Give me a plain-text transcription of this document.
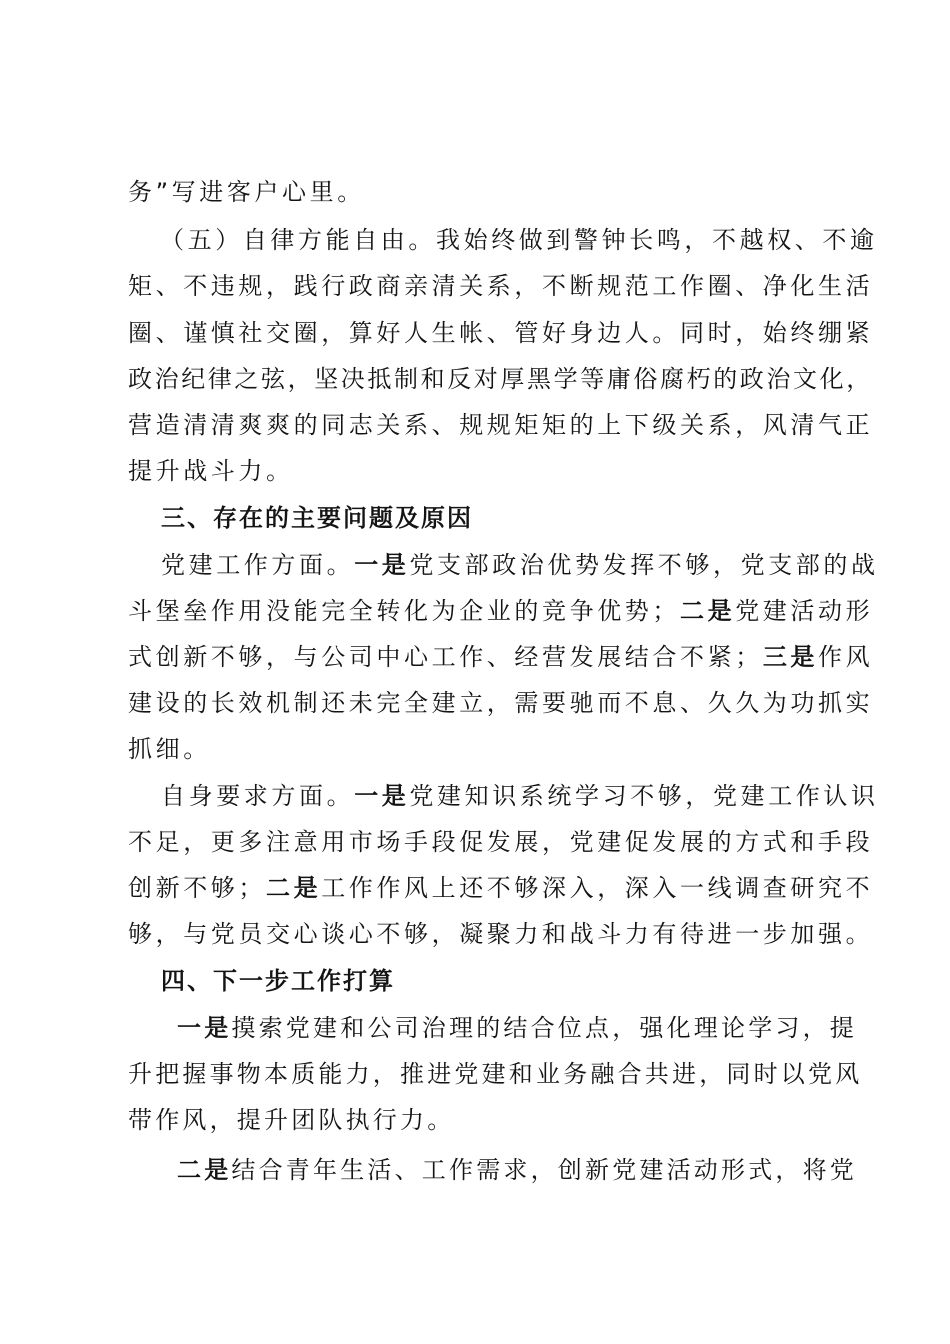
务”写进客户心里。

（五）自律方能自由。我始终做到警钟长鸣，不越权、不逾

矩、不违规，践行政商亲清关系，不断规范工作圈、净化生活

圈、谨慎社交圈，算好人生帐、管好身边人。同时，始终绷紧

政治纪律之弦，坚决抵制和反对厚黑学等庸俗腐朽的政治文化，

营造清清爽爽的同志关系、规规矩矩的上下级关系，风清气正

提升战斗力。

三、存在的主要问题及原因

党建工作方面。一是党支部政治优势发挥不够，党支部的战

斗堡垒作用没能完全转化为企业的竞争优势；二是党建活动形

式创新不够，与公司中心工作、经营发展结合不紧；三是作风

建设的长效机制还未完全建立，需要驰而不息、久久为功抓实

抓细。

自身要求方面。一是党建知识系统学习不够，党建工作认识

不足，更多注意用市场手段促发展，党建促发展的方式和手段

创新不够；二是工作作风上还不够深入，深入一线调查研究不

够，与党员交心谈心不够，凝聚力和战斗力有待进一步加强。

四、下一步工作打算

一是摸索党建和公司治理的结合位点，强化理论学习，提

升把握事物本质能力，推进党建和业务融合共进，同时以党风

带作风，提升团队执行力。

二是结合青年生活、工作需求，创新党建活动形式，将党
